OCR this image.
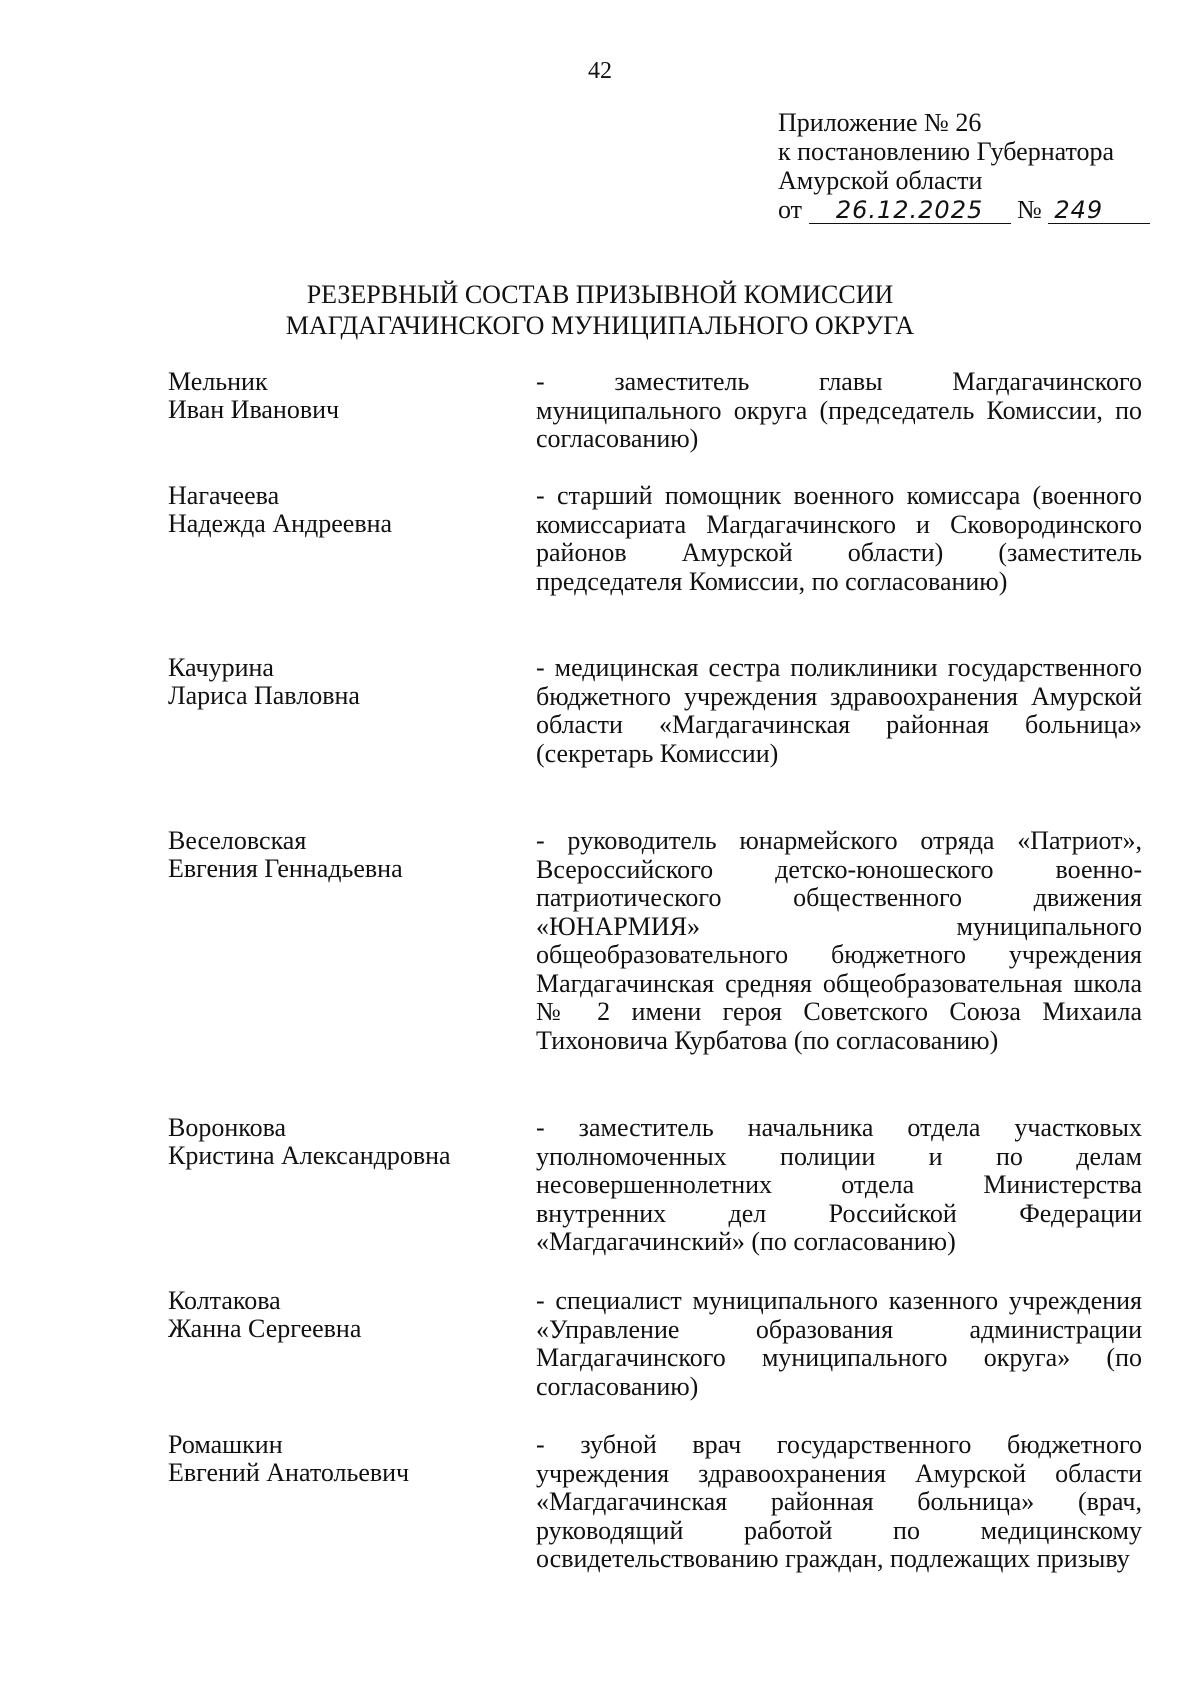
42
Приложение № 26
к постановлению Губернатора
Амурской области
от 26.12.2025 № 249
РЕЗЕРВНЫЙ СОСТАВ ПРИЗЫВНОЙ КОМИССИИ
МАГДАГАЧИНСКОГО МУНИЦИПАЛЬНОГО ОКРУГА
Мельник
Иван Иванович
- заместитель главы Магдагачинского муниципального округа (председатель Комиссии, по согласованию)
Нагачеева
Надежда Андреевна
- старший помощник военного комиссара (военного комиссариата Магдагачинского и Сковородинского районов Амурской области) (заместитель председателя Комиссии, по согласованию)
Качурина
Лариса Павловна
- медицинская сестра поликлиники государственного бюджетного учреждения здравоохранения Амурской области «Магдагачинская районная больница» (секретарь Комиссии)
Веселовская
Евгения Геннадьевна
- руководитель юнармейского отряда «Патриот», Всероссийского детско-юношеского военно-патриотического общественного движения «ЮНАРМИЯ» муниципального общеобразовательного бюджетного учреждения Магдагачинская средняя общеобразовательная школа № 2 имени героя Советского Союза Михаила Тихоновича Курбатова (по согласованию)
Воронкова
Кристина Александровна
- заместитель начальника отдела участковых уполномоченных полиции и по делам несовершеннолетних отдела Министерства внутренних дел Российской Федерации «Магдагачинский» (по согласованию)
Колтакова
Жанна Сергеевна
- специалист муниципального казенного учреждения «Управление образования администрации Магдагачинского муниципального округа» (по согласованию)
Ромашкин
Евгений Анатольевич
- зубной врач государственного бюджетного учреждения здравоохранения Амурской области «Магдагачинская районная больница» (врач, руководящий работой по медицинскому освидетельствованию граждан, подлежащих призыву
